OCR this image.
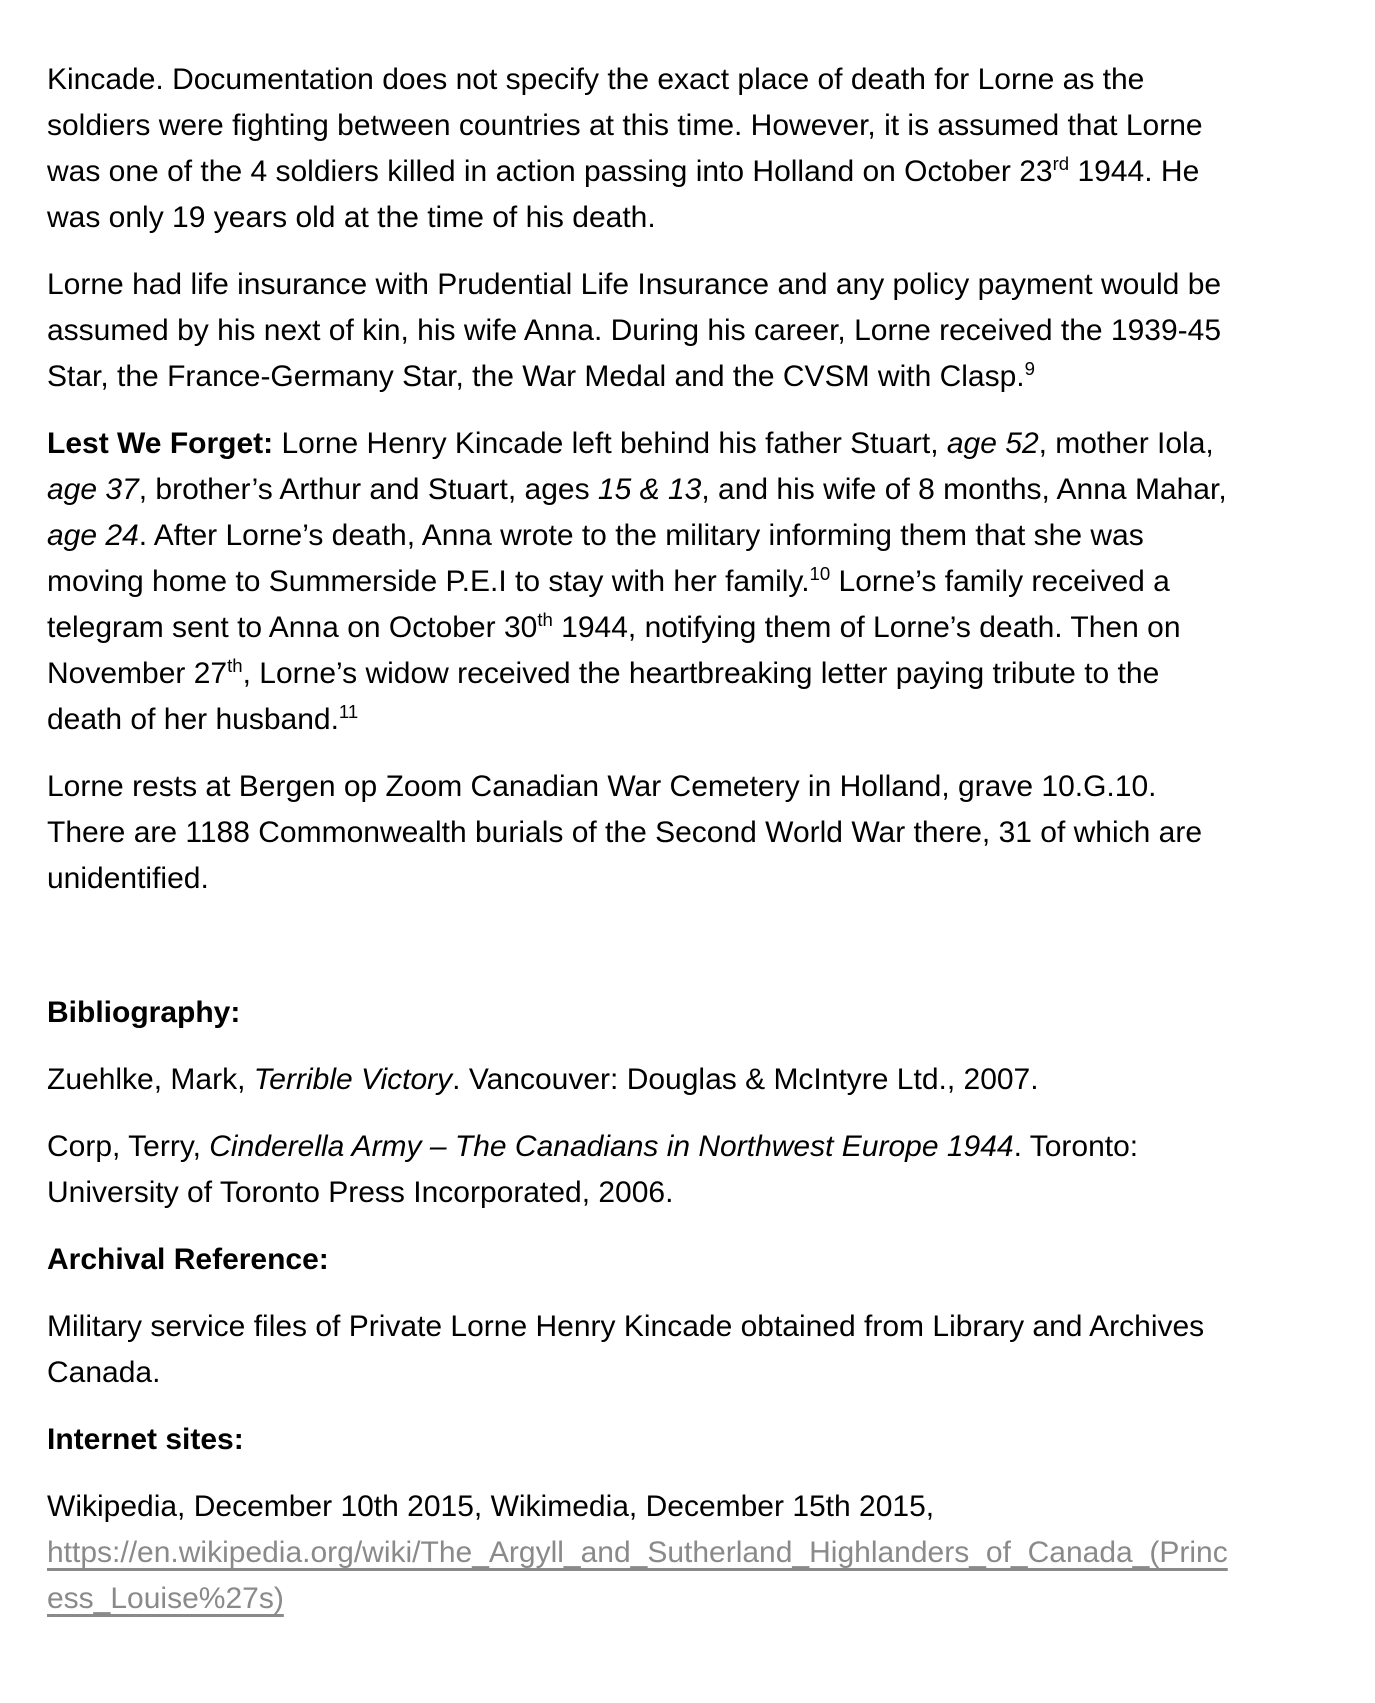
Kincade. Documentation does not specify the exact place of death for Lorne as the soldiers were fighting between countries at this time. However, it is assumed that Lorne was one of the 4 soldiers killed in action passing into Holland on October 23rd 1944. He was only 19 years old at the time of his death.

Lorne had life insurance with Prudential Life Insurance and any policy payment would be assumed by his next of kin, his wife Anna. During his career, Lorne received the 1939-45 Star, the France-Germany Star, the War Medal and the CVSM with Clasp.$^9$

Lest We Forget: Lorne Henry Kincade left behind his father Stuart, age 52, mother Iola, age 37, brother’s Arthur and Stuart, ages 15 & 13, and his wife of 8 months, Anna Mahar, age 24. After Lorne’s death, Anna wrote to the military informing them that she was moving home to Summerside P.E.I to stay with her family.$^{10}$ Lorne’s family received a telegram sent to Anna on October 30th 1944, notifying them of Lorne’s death. Then on November 27th, Lorne’s widow received the heartbreaking letter paying tribute to the death of her husband.$^{11}$

Lorne rests at Bergen op Zoom Canadian War Cemetery in Holland, grave 10.G.10. There are 1188 Commonwealth burials of the Second World War there, 31 of which are unidentified.

Bibliography:

Zuehlke, Mark, Terrible Victory. Vancouver: Douglas & McIntyre Ltd., 2007.

Corp, Terry, Cinderella Army – The Canadians in Northwest Europe 1944. Toronto: University of Toronto Press Incorporated, 2006.

Archival Reference:

Military service files of Private Lorne Henry Kincade obtained from Library and Archives Canada.

Internet sites:

Wikipedia, December 10th 2015, Wikimedia, December 15th 2015,
https://en.wikipedia.org/wiki/The_Argyll_and_Sutherland_Highlanders_of_Canada_(Princess_Louise%27s)
